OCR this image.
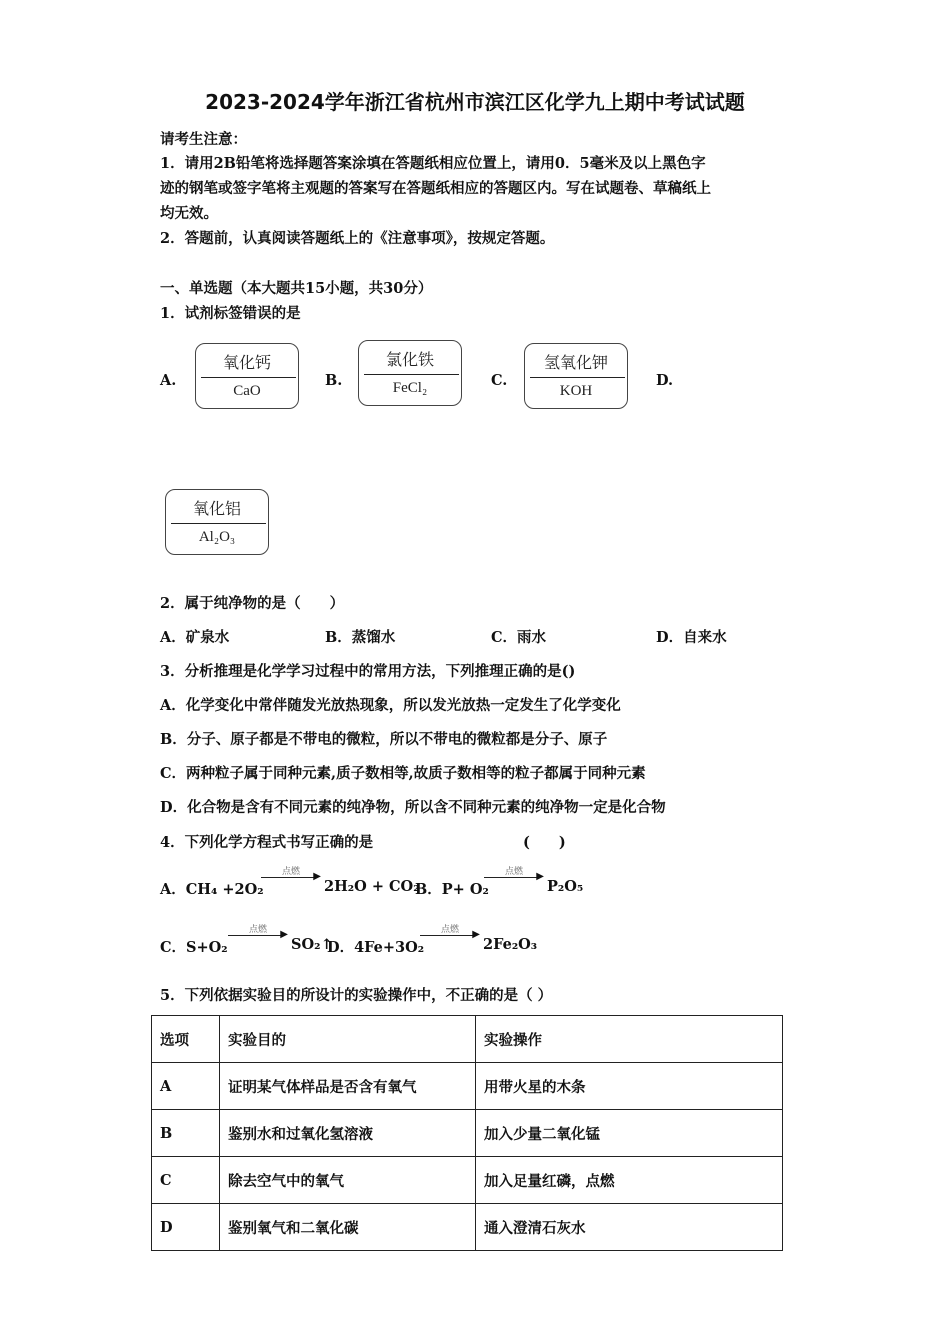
2023-2024学年浙江省杭州市滨江区化学九上期中考试试题
请考生注意：
1．请用2B铅笔将选择题答案涂填在答题纸相应位置上，请用0．5毫米及以上黑色字
迹的钢笔或签字笔将主观题的答案写在答题纸相应的答题区内。写在试题卷、草稿纸上
均无效。
2．答题前，认真阅读答题纸上的《注意事项》，按规定答题。
一、单选题（本大题共15小题，共30分）
1．试剂标签错误的是
A.
氧化钙
CaO
B.
氯化铁
FeCl₂	C.
氢氧化钾
KOH
D.
氧化铝
Al₂O₃
2．属于纯净物的是（　　）
A．矿泉水	B．蒸馏水	C．雨水	D．自来水
3．分析推理是化学学习过程中的常用方法，下列推理正确的是()
A．化学变化中常伴随发光放热现象，所以发光放热一定发生了化学变化
B．分子、原子都是不带电的微粒，所以不带电的微粒都是分子、原子
C．两种粒子属于同种元素,质子数相等,故质子数相等的粒子都属于同种元素
D．化合物是含有不同元素的纯净物，所以含不同种元素的纯净物一定是化合物
4．下列化学方程式书写正确的是	(　　)
A．CH₄ +2O₂
点燃	▶
2H₂O + CO₂
B．P+ O₂
点燃	▶
P₂O₅
C．S+O₂
点燃	▶
SO₂↑
D．4Fe+3O₂
点燃	▶
2Fe₂O₃
5．下列依据实验目的所设计的实验操作中，不正确的是（ ）
选项	实验目的	实验操作
A	证明某气体样品是否含有氧气	用带火星的木条
B	鉴别水和过氧化氢溶液	加入少量二氧化锰
C	除去空气中的氧气	加入足量红磷，点燃
D	鉴别氧气和二氧化碳	通入澄清石灰水
